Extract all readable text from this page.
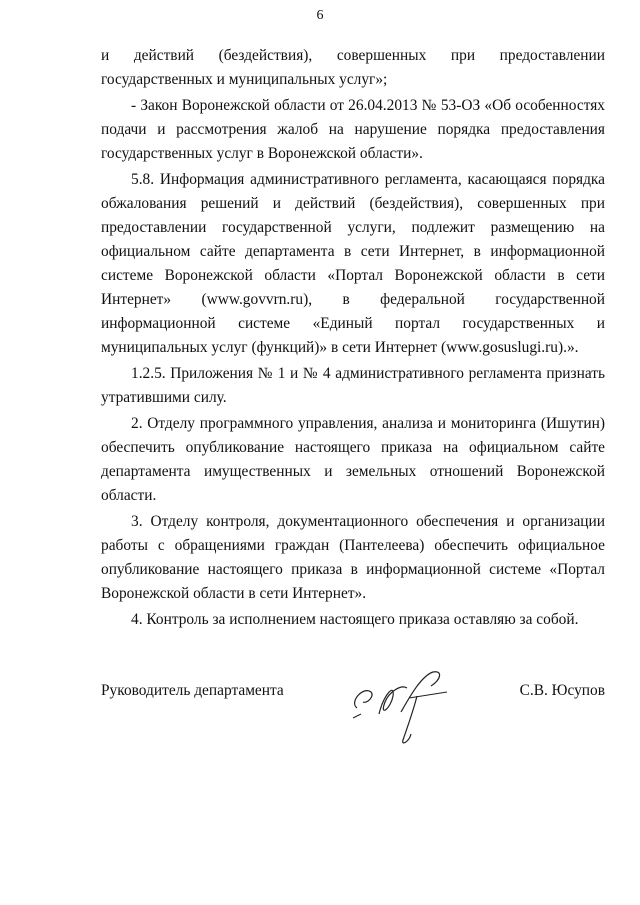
6

и действий (бездействия), совершенных при предоставлении государственных и муниципальных услуг»;

- Закон Воронежской области от 26.04.2013 № 53-ОЗ «Об особенностях подачи и рассмотрения жалоб на нарушение порядка предоставления государственных услуг в Воронежской области».

5.8. Информация административного регламента, касающаяся порядка обжалования решений и действий (бездействия), совершенных при предоставлении государственной услуги, подлежит размещению на официальном сайте департамента в сети Интернет, в информационной системе Воронежской области «Портал Воронежской области в сети Интернет» (www.govvrn.ru), в федеральной государственной информационной системе «Единый портал государственных и муниципальных услуг (функций)» в сети Интернет (www.gosuslugi.ru).».

1.2.5. Приложения № 1 и № 4 административного регламента признать утратившими силу.

2. Отделу программного управления, анализа и мониторинга (Ишутин) обеспечить опубликование настоящего приказа на официальном сайте департамента имущественных и земельных отношений Воронежской области.

3. Отделу контроля, документационного обеспечения и организации работы с обращениями граждан (Пантелеева) обеспечить официальное опубликование настоящего приказа в информационной системе «Портал Воронежской области в сети Интернет».

4. Контроль за исполнением настоящего приказа оставляю за собой.

Руководитель департамента	С.В. Юсупов
